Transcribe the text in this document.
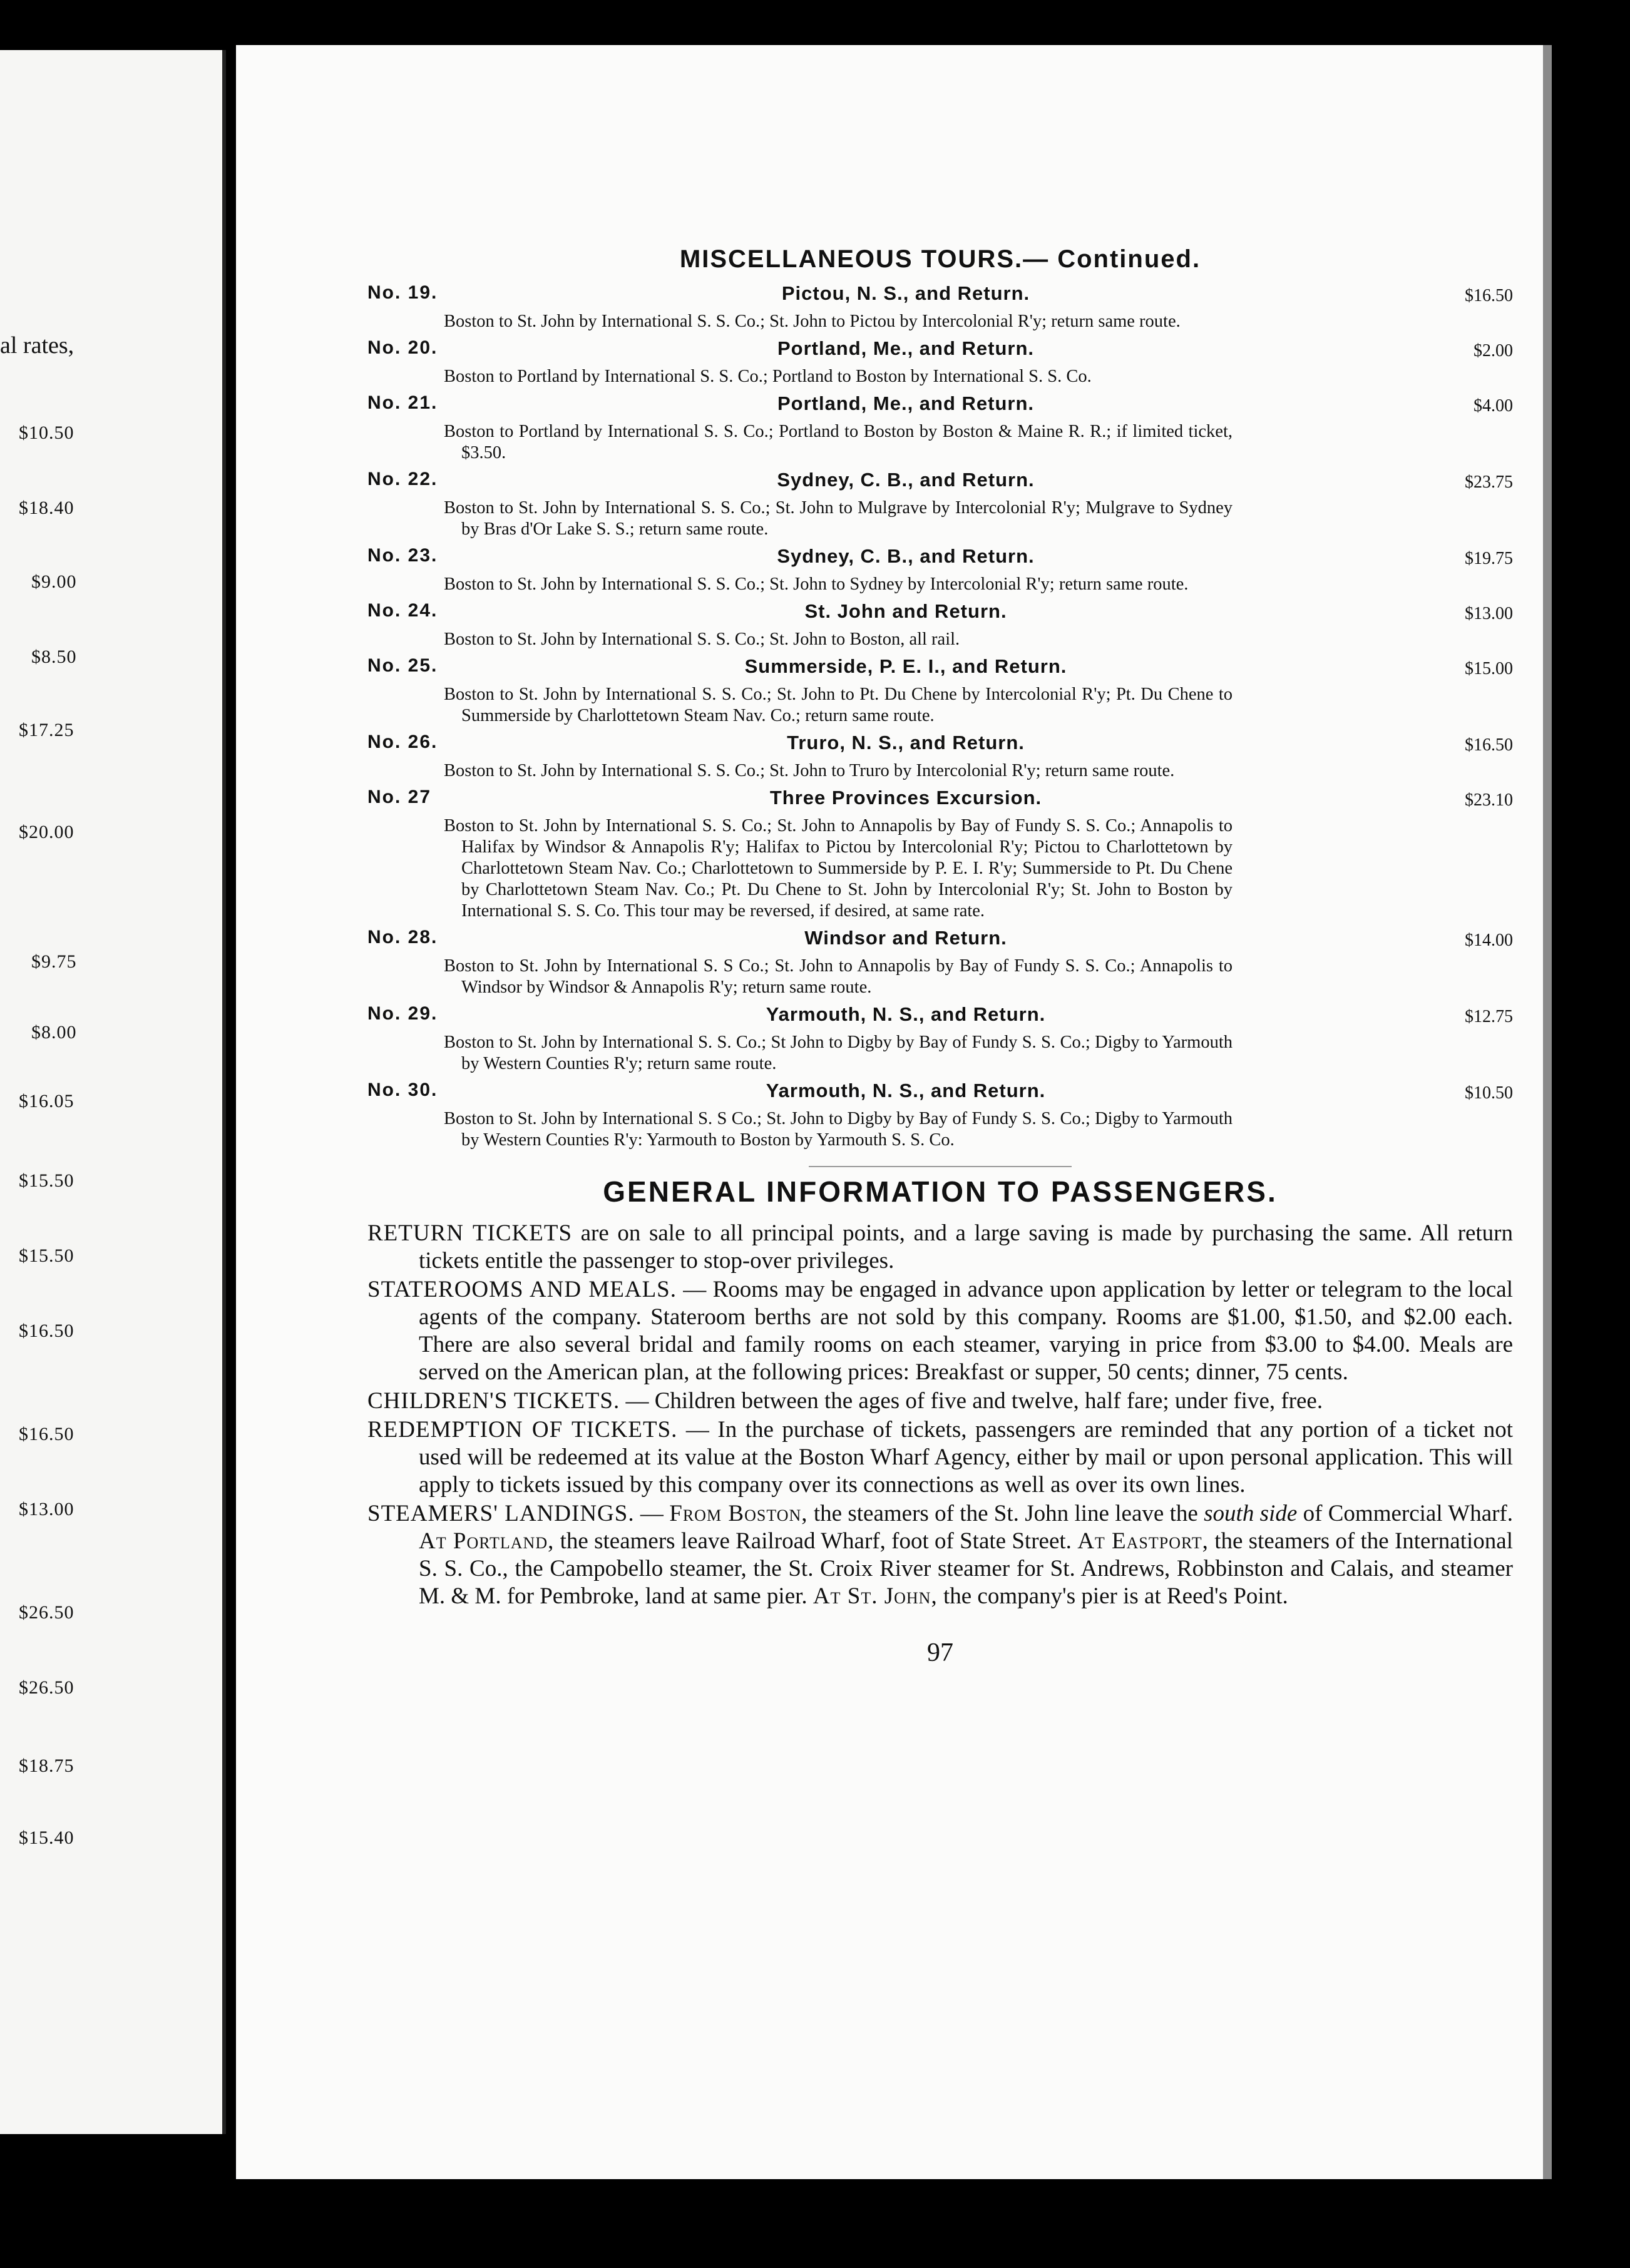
al rates,
$10.50
$18.40
$9.00
$8.50
$17.25
$20.00
$9.75
$8.00
$16.05
$15.50
$15.50
$16.50
$16.50
$13.00
$26.50
$26.50
$18.75
$15.40
MISCELLANEOUS TOURS.— Continued.
No. 19.	Pictou, N. S., and Return.	$16.50
Boston to St. John by International S. S. Co.; St. John to Pictou by Intercolonial R'y; return same route.
No. 20.	Portland, Me., and Return.	$2.00
Boston to Portland by International S. S. Co.; Portland to Boston by International S. S. Co.
No. 21.	Portland, Me., and Return.	$4.00
Boston to Portland by International S. S. Co.; Portland to Boston by Boston & Maine R. R.; if limited ticket, $3.50.
No. 22.	Sydney, C. B., and Return.	$23.75
Boston to St. John by International S. S. Co.; St. John to Mulgrave by Intercolonial R'y; Mulgrave to Sydney by Bras d'Or Lake S. S.; return same route.
No. 23.	Sydney, C. B., and Return.	$19.75
Boston to St. John by International S. S. Co.; St. John to Sydney by Intercolonial R'y; return same route.
No. 24.	St. John and Return.	$13.00
Boston to St. John by International S. S. Co.; St. John to Boston, all rail.
No. 25.	Summerside, P. E. I., and Return.	$15.00
Boston to St. John by International S. S. Co.; St. John to Pt. Du Chene by Intercolonial R'y; Pt. Du Chene to Summerside by Charlottetown Steam Nav. Co.; return same route.
No. 26.	Truro, N. S., and Return.	$16.50
Boston to St. John by International S. S. Co.; St. John to Truro by Intercolonial R'y; return same route.
No. 27	Three Provinces Excursion.	$23.10
Boston to St. John by International S. S. Co.; St. John to Annapolis by Bay of Fundy S. S. Co.; Annapolis to Halifax by Windsor & Annapolis R'y; Halifax to Pictou by Intercolonial R'y; Pictou to Charlottetown by Charlottetown Steam Nav. Co.; Charlottetown to Summerside by P. E. I. R'y; Summerside to Pt. Du Chene by Charlottetown Steam Nav. Co.; Pt. Du Chene to St. John by Intercolonial R'y; St. John to Boston by International S. S. Co. This tour may be reversed, if desired, at same rate.
No. 28.	Windsor and Return.	$14.00
Boston to St. John by International S. S Co.; St. John to Annapolis by Bay of Fundy S. S. Co.; Annapolis to Windsor by Windsor & Annapolis R'y; return same route.
No. 29.	Yarmouth, N. S., and Return.	$12.75
Boston to St. John by International S. S. Co.; St John to Digby by Bay of Fundy S. S. Co.; Digby to Yarmouth by Western Counties R'y; return same route.
No. 30.	Yarmouth, N. S., and Return.	$10.50
Boston to St. John by International S. S Co.; St. John to Digby by Bay of Fundy S. S. Co.; Digby to Yarmouth by Western Counties R'y: Yarmouth to Boston by Yarmouth S. S. Co.
GENERAL INFORMATION TO PASSENGERS.

RETURN TICKETS are on sale to all principal points, and a large saving is made by purchasing the same. All return tickets entitle the passenger to stop-over privileges.

STATEROOMS AND MEALS. — Rooms may be engaged in advance upon application by letter or telegram to the local agents of the company. Stateroom berths are not sold by this company. Rooms are $1.00, $1.50, and $2.00 each. There are also several bridal and family rooms on each steamer, varying in price from $3.00 to $4.00. Meals are served on the American plan, at the following prices: Breakfast or supper, 50 cents; dinner, 75 cents.

CHILDREN'S TICKETS. — Children between the ages of five and twelve, half fare; under five, free.

REDEMPTION OF TICKETS. — In the purchase of tickets, passengers are reminded that any portion of a ticket not used will be redeemed at its value at the Boston Wharf Agency, either by mail or upon personal application. This will apply to tickets issued by this company over its connections as well as over its own lines.

STEAMERS' LANDINGS. — From Boston, the steamers of the St. John line leave the south side of Commercial Wharf. At Portland, the steamers leave Railroad Wharf, foot of State Street. At Eastport, the steamers of the International S. S. Co., the Campobello steamer, the St. Croix River steamer for St. Andrews, Robbinston and Calais, and steamer M. & M. for Pembroke, land at same pier. At St. John, the company's pier is at Reed's Point.

97
